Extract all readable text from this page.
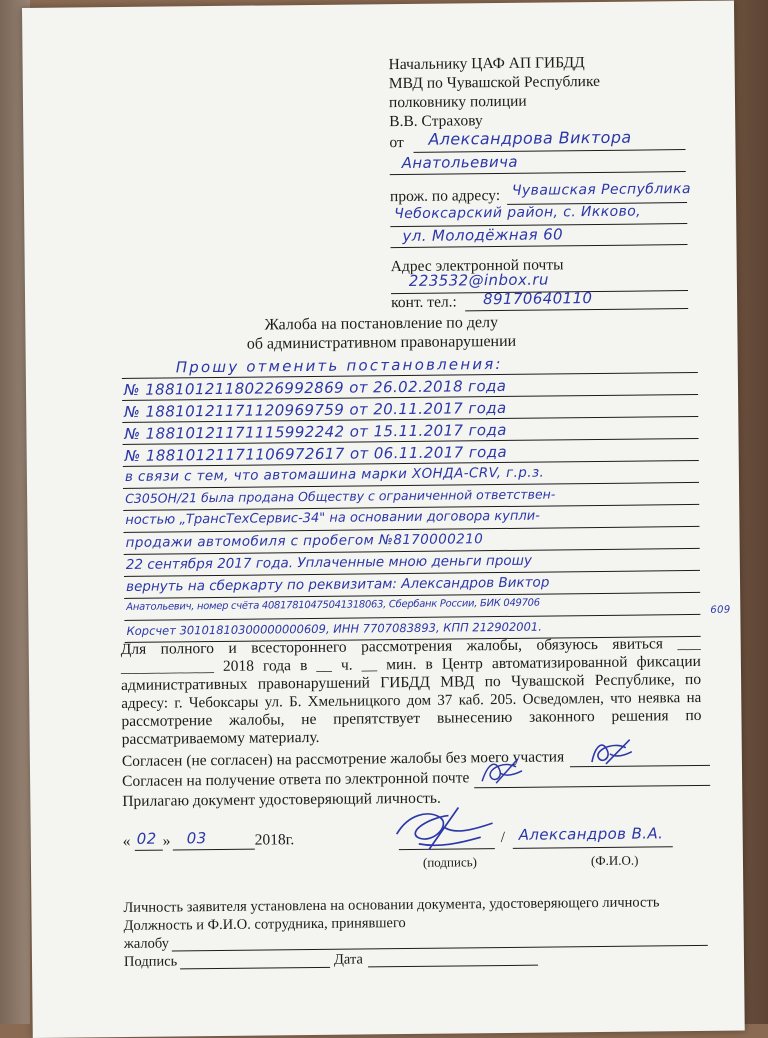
Начальнику ЦАФ АП ГИБДД
МВД по Чувашской Республике
полковнику полиции
В.В. Страхову
от Александрова Виктора
Анатольевича
прож. по адресу: Чувашская Республика
Чебоксарский район, с. Икково,
ул. Молодёжная 60
Адрес электронной почты
223532@inbox.ru
конт. тел.: 89170640110
Жалоба на постановление по делу
об административном правонарушении
Прошу отменить постановления:
№ 18810121180226992869 от 26.02.2018 года
№ 18810121171120969759 от 20.11.2017 года
№ 18810121171115992242 от 15.11.2017 года
№ 18810121171106972617 от 06.11.2017 года
в связи с тем, что автомашина марки ХОНДА-CRV, г.р.з.
С305ОН/21 была продана Обществу с ограниченной ответствен-
ностью „ТрансТехСервис-34" на основании договора купли-
продажи автомобиля с пробегом №8170000210
22 сентября 2017 года. Уплаченные мною деньги прошу
вернуть на сберкарту по реквизитам: Александров Виктор
Анатольевич, номер счёта 40817810475041318063, Сбербанк России, БИК 049706	609
Корсчет 30101810300000000609, ИНН 7707083893, КПП 212902001.
Для полного и всестороннего рассмотрения жалобы, обязуюсь явиться ___
____________ 2018 года в __ ч. __ мин. в Центр автоматизированной фиксации
административных правонарушений ГИБДД МВД по Чувашской Республике, по
адресу: г. Чебоксары ул. Б. Хмельницкого дом 37 каб. 205. Осведомлен, что неявка на
рассмотрение жалобы, не препятствует вынесению законного решения по
рассматриваемому материалу.
Согласен (не согласен) на рассмотрение жалобы без моего участия
Согласен на получение ответа по электронной почте
Прилагаю документ удостоверяющий личность.
« 02 » 03	2018г.	/ Александров В.А.
(подпись)	(Ф.И.О.)
Личность заявителя установлена на основании документа, удостоверяющего личность
Должность и Ф.И.О. сотрудника, принявшего
жалобу
Подпись	Дата
